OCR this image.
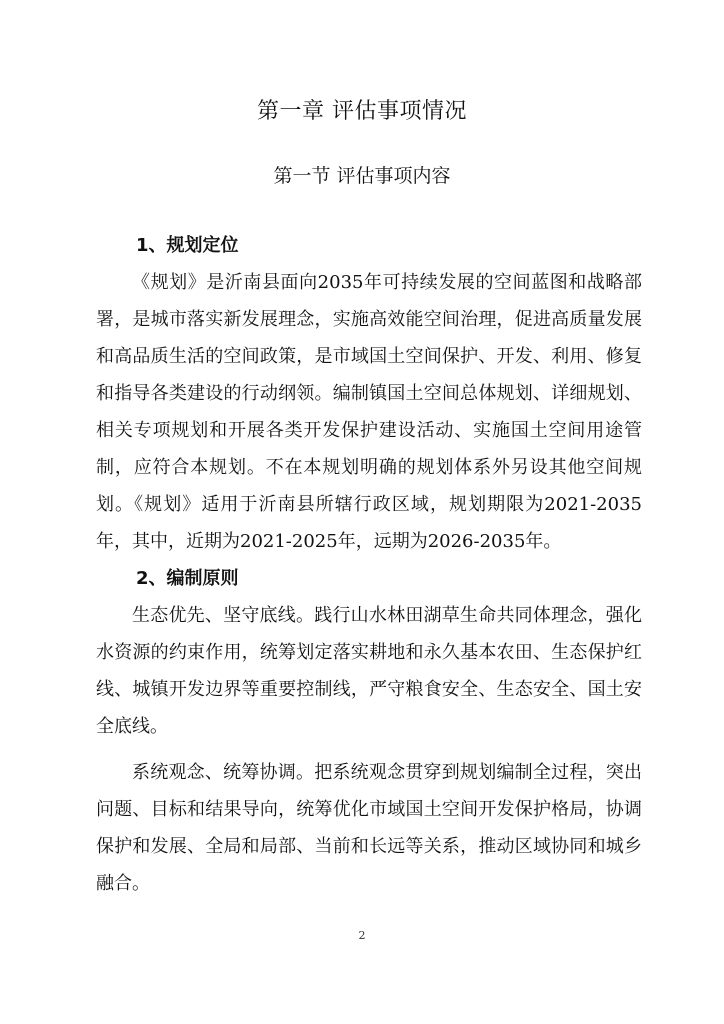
第一章 评估事项情况
第一节 评估事项内容

1、规划定位

《规划》是沂南县面向2035年可持续发展的空间蓝图和战略部署，是城市落实新发展理念，实施高效能空间治理，促进高质量发展和高品质生活的空间政策，是市域国土空间保护、开发、利用、修复和指导各类建设的行动纲领。编制镇国土空间总体规划、详细规划、相关专项规划和开展各类开发保护建设活动、实施国土空间用途管制，应符合本规划。不在本规划明确的规划体系外另设其他空间规划。《规划》适用于沂南县所辖行政区域，规划期限为2021-2035年，其中，近期为2021-2025年，远期为2026-2035年。

2、编制原则

生态优先、坚守底线。践行山水林田湖草生命共同体理念，强化水资源的约束作用，统筹划定落实耕地和永久基本农田、生态保护红线、城镇开发边界等重要控制线，严守粮食安全、生态安全、国土安全底线。

系统观念、统筹协调。把系统观念贯穿到规划编制全过程，突出问题、目标和结果导向，统筹优化市域国土空间开发保护格局，协调保护和发展、全局和局部、当前和长远等关系，推动区域协同和城乡融合。

2
